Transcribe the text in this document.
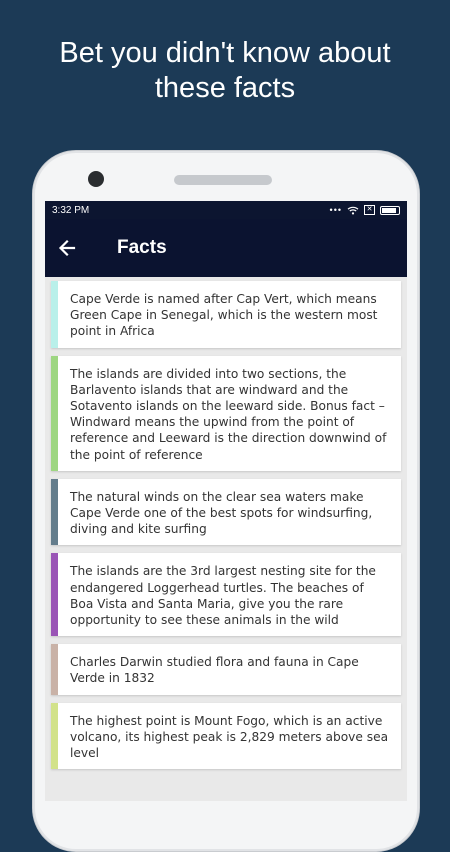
Bet you didn't know about
these facts
3:32 PM	•••	✕
Facts
Cape Verde is named after Cap Vert, which means Green Cape in Senegal, which is the western most point in Africa
The islands are divided into two sections, the Barlavento islands that are windward and the Sotavento islands on the leeward side. Bonus fact – Windward means the upwind from the point of reference and Leeward is the direction downwind of the point of reference
The natural winds on the clear sea waters make Cape Verde one of the best spots for windsurfing, diving and kite surfing
The islands are the 3rd largest nesting site for the endangered Loggerhead turtles. The beaches of Boa Vista and Santa Maria, give you the rare opportunity to see these animals in the wild
Charles Darwin studied flora and fauna in Cape Verde in 1832
The highest point is Mount Fogo, which is an active volcano, its highest peak is 2,829 meters above sea level
